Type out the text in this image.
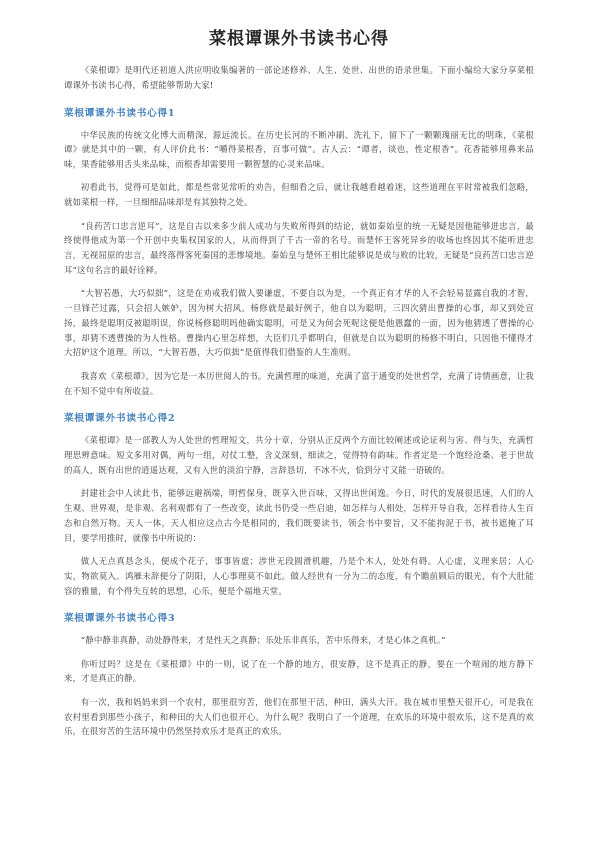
菜根谭课外书读书心得

《菜根谭》是明代还初道人洪应明收集编著的一部论述修养、人生、处世、出世的语录世集。下面小编给大家分享菜根谭课外书读书心得，希望能够帮助大家!

菜根谭课外书读书心得1

中华民族的传统文化博大而精深，源远流长。在历史长河的不断冲刷、洗礼下，留下了一颗颗瑰丽无比的明珠，《菜根谭》就是其中的一颗，有人评价此书：“嚼得菜根香，百事可做”。古人云：“谭者，谈也，性定根香”。花香能够用鼻来品味，果香能够用舌头来品味，而根香却需要用一颗智慧的心灵来品味。

初看此书，觉得可是如此，都是些常见常听的劝告，但细看之后，就让我越看越着迷，这些道理在平时常被我们忽略，就如菜根一样，一旦细细品味却是有其独特之处。

“良药苦口忠言逆耳”，这是自古以来多少前人成功与失败所得到的结论，就如秦始皇的统一无疑是因他能够进忠言，最终使得他成为第一个开创中央集权国家的人，从而得到了千古一帝的名号。而楚怀王客死异乡的收场也终因其不能听进忠言，无视屈原的忠言，最终落得客死秦国的悲惨境地。秦始皇与楚怀王相比能够说是成与败的比较，无疑是“良药苦口忠言逆耳”这句名言的最好诠释。

“大智若愚，大巧似拙”，这是在劝戒我们做人要谦虚，不要自以为是，一个真正有才华的人不会轻易显露自我的才智，一旦锋芒过露，只会招人嫉妒，因为树大招风。杨修就是最好例子，他自以为聪明，三四次猜出曹操的心事，却又到处宣扬，最终是聪明反被聪明误，你说杨修聪明吗他确实聪明，可是又为何会死呢这便是他愚蠢的一面，因为他猜透了曹操的心事，却猜不透曹操的为人性格。曹操内心里怎样想，大臣们几乎都明白，但就是自以为聪明的杨修不明白，只因他不懂得才大招妒这个道理。所以，“大智若愚，大巧似拙”是值得我们借鉴的人生准则。

我喜欢《菜根谭》，因为它是一本历世阅人的书。充满哲理的味道，充满了富于通变的处世哲学，充满了诗情画意，让我在不知不觉中有所收益。

菜根谭课外书读书心得2

《菜根谭》是一部教人为人处世的哲理短文，共分十章，分别从正反两个方面比较阐述或论证利与害、得与失，充满哲理思辨意味。短文多用对偶，两句一组，对仗工整，含义深刻，细读之，觉得特有韵味。作者定是一个饱经沧桑、老于世故的高人，既有出世的逍遥达观，又有入世的淡泊宁静，言辞恳切，不冰不火，恰到分寸又能一语破的。

封建社会中人读此书，能够远避祸端，明哲保身，既享入世百味，又得出世闲逸。今日，时代的发展很迅速，人们的人生观、世界观，是非观、名利观都有了一些改变，读此书仍受一些启迪，如怎样与人相处，怎样开导自我，怎样看待人生百态和自然万物。天人一体，天人相应这点古今是相同的，我们既要读书，领会书中要旨，又不能拘泥于书，被书遮掩了耳目，要学用推时，就像书中所说的：

做人无点真恳念头，便成个花子，事事皆虚；涉世无段圆滑机趣，乃是个木人，处处有碍。人心虚，义理来居；人心实，物欲莫入。鸿雁未辞便分了阴阳，人心事理莫不如此。做人经世有一分为二的态度，有个瞻前顾后的眼光，有个大肚能容的雅量，有个得失互转的思想，心乐，便是个福地天堂。

菜根谭课外书读书心得3

“静中静非真静，动处静得来，才是性天之真静；乐处乐非真乐，苦中乐得来，才是心体之真机。”

你听过吗？这是在《菜根谭》中的一则，说了在一个静的地方，很安静，这不是真正的静，要在一个喧闹的地方静下来，才是真正的静。

有一次，我和妈妈来到一个农村，那里很穷苦，他们在那里干活，种田，满头大汗。我在城市里整天很开心，可是我在农村里看到那些小孩子，和种田的大人们也很开心。为什么呢？我明白了一个道理，在欢乐的环境中很欢乐，这不是真的欢乐，在很穷苦的生活环境中仍然坚持欢乐才是真正的欢乐。
